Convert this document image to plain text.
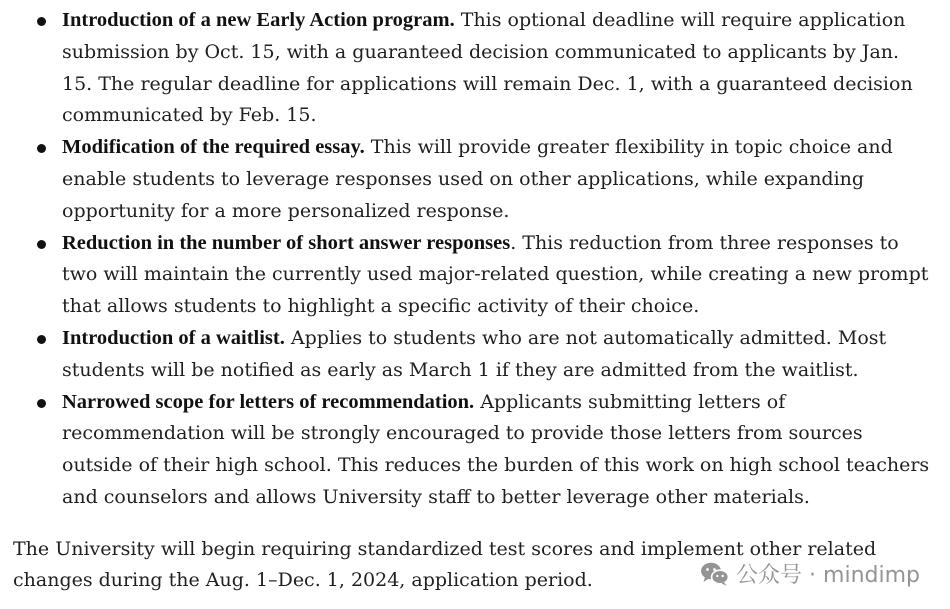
Introduction of a new Early Action program. This optional deadline will require application submission by Oct. 15, with a guaranteed decision communicated to applicants by Jan. 15. The regular deadline for applications will remain Dec. 1, with a guaranteed decision communicated by Feb. 15.
Modification of the required essay. This will provide greater flexibility in topic choice and enable students to leverage responses used on other applications, while expanding opportunity for a more personalized response.
Reduction in the number of short answer responses. This reduction from three responses to two will maintain the currently used major-related question, while creating a new prompt that allows students to highlight a specific activity of their choice.
Introduction of a waitlist. Applies to students who are not automatically admitted. Most students will be notified as early as March 1 if they are admitted from the waitlist.
Narrowed scope for letters of recommendation. Applicants submitting letters of recommendation will be strongly encouraged to provide those letters from sources outside of their high school. This reduces the burden of this work on high school teachers and counselors and allows University staff to better leverage other materials.

The University will begin requiring standardized test scores and implement other related changes during the Aug. 1–Dec. 1, 2024, application period.	公众号 · mindimp
